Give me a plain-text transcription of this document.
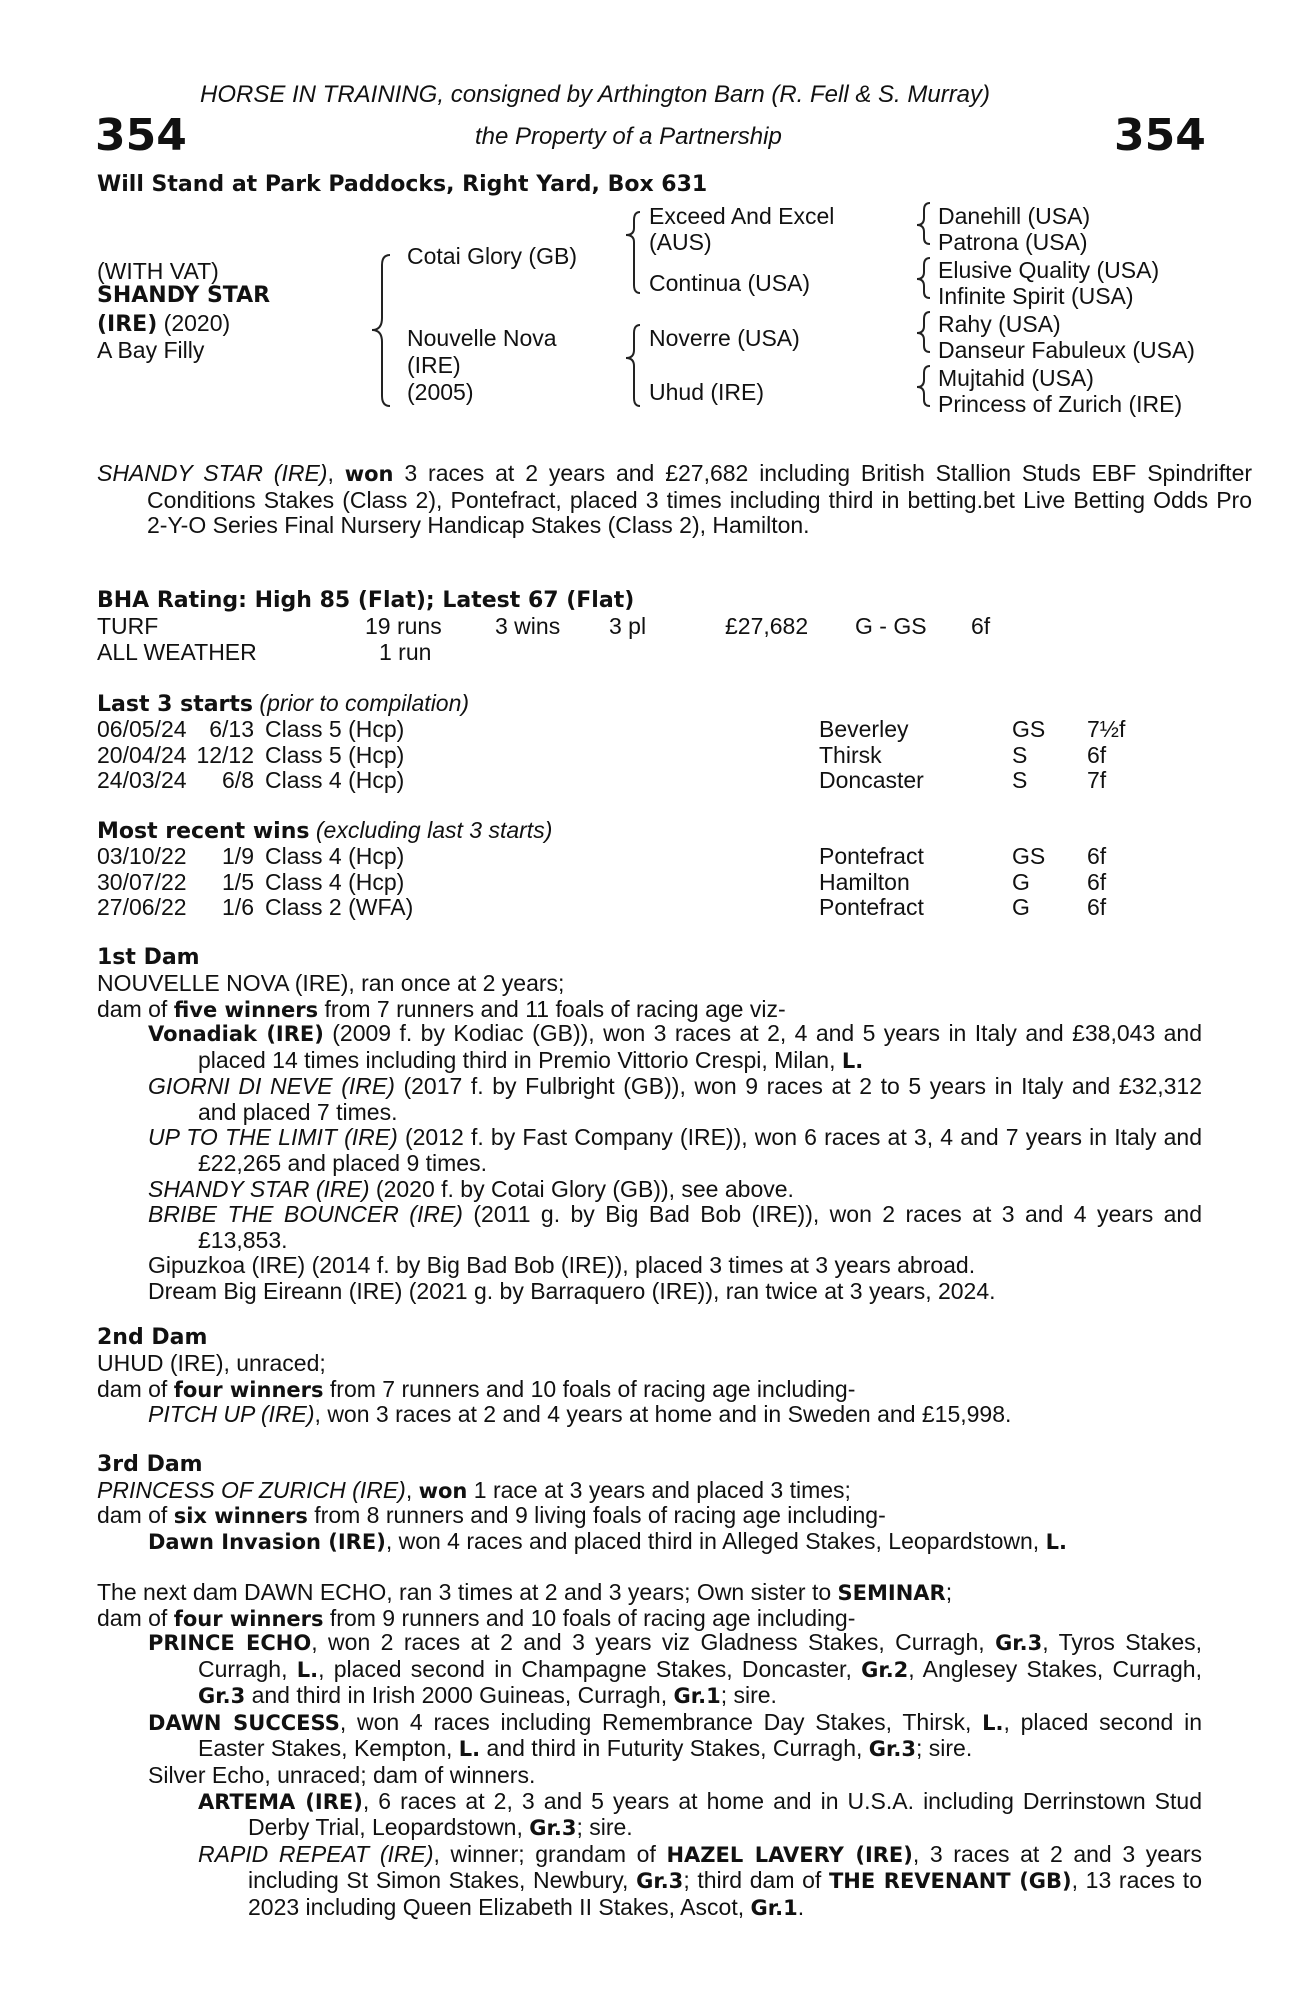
HORSE IN TRAINING, consigned by Arthington Barn (R. Fell & S. Murray)
354	the Property of a Partnership	354
Will Stand at Park Paddocks, Right Yard, Box 631
(WITH VAT)
SHANDY STAR
(IRE) (2020)
A Bay Filly
Cotai Glory (GB)
Nouvelle Nova
(IRE)
(2005)
Exceed And Excel
(AUS)
Continua (USA)
Noverre (USA)
Uhud (IRE)
Danehill (USA)
Patrona (USA)
Elusive Quality (USA)
Infinite Spirit (USA)
Rahy (USA)
Danseur Fabuleux (USA)
Mujtahid (USA)
Princess of Zurich (IRE)
SHANDY STAR (IRE), won 3 races at 2 years and £27,682 including British Stallion Studs EBF Spindrifter Conditions Stakes (Class 2), Pontefract, placed 3 times including third in betting.bet Live Betting Odds Pro 2-Y-O Series Final Nursery Handicap Stakes (Class 2), Hamilton.
BHA Rating: High 85 (Flat); Latest 67 (Flat)
TURF	19 runs 3 wins 3 pl	£27,682 G - GS 6f
ALL WEATHER	1 run
Last 3 starts (prior to compilation)
06/05/24 6/13 Class 5 (Hcp)	Beverley	GS 7½f
20/04/24 12/12 Class 5 (Hcp)	Thirsk	S	6f
24/03/24	6/8 Class 4 (Hcp)	Doncaster	S	7f
Most recent wins (excluding last 3 starts)
03/10/22	1/9 Class 4 (Hcp)	Pontefract	GS 6f
30/07/22	1/5 Class 4 (Hcp)	Hamilton	G 6f
27/06/22	1/6 Class 2 (WFA)	Pontefract	G 6f
1st Dam
NOUVELLE NOVA (IRE), ran once at 2 years;
dam of five winners from 7 runners and 11 foals of racing age viz-
Vonadiak (IRE) (2009 f. by Kodiac (GB)), won 3 races at 2, 4 and 5 years in Italy and £38,043 and placed 14 times including third in Premio Vittorio Crespi, Milan, L.
GIORNI DI NEVE (IRE) (2017 f. by Fulbright (GB)), won 9 races at 2 to 5 years in Italy and £32,312 and placed 7 times.
UP TO THE LIMIT (IRE) (2012 f. by Fast Company (IRE)), won 6 races at 3, 4 and 7 years in Italy and £22,265 and placed 9 times.
SHANDY STAR (IRE) (2020 f. by Cotai Glory (GB)), see above.
BRIBE THE BOUNCER (IRE) (2011 g. by Big Bad Bob (IRE)), won 2 races at 3 and 4 years and £13,853.
Gipuzkoa (IRE) (2014 f. by Big Bad Bob (IRE)), placed 3 times at 3 years abroad.
Dream Big Eireann (IRE) (2021 g. by Barraquero (IRE)), ran twice at 3 years, 2024.
2nd Dam
UHUD (IRE), unraced;
dam of four winners from 7 runners and 10 foals of racing age including-
PITCH UP (IRE), won 3 races at 2 and 4 years at home and in Sweden and £15,998.
3rd Dam
PRINCESS OF ZURICH (IRE), won 1 race at 3 years and placed 3 times;
dam of six winners from 8 runners and 9 living foals of racing age including-
Dawn Invasion (IRE), won 4 races and placed third in Alleged Stakes, Leopardstown, L.
The next dam DAWN ECHO, ran 3 times at 2 and 3 years; Own sister to SEMINAR;
dam of four winners from 9 runners and 10 foals of racing age including-
PRINCE ECHO, won 2 races at 2 and 3 years viz Gladness Stakes, Curragh, Gr.3, Tyros Stakes, Curragh, L., placed second in Champagne Stakes, Doncaster, Gr.2, Anglesey Stakes, Curragh, Gr.3 and third in Irish 2000 Guineas, Curragh, Gr.1; sire.
DAWN SUCCESS, won 4 races including Remembrance Day Stakes, Thirsk, L., placed second in Easter Stakes, Kempton, L. and third in Futurity Stakes, Curragh, Gr.3; sire.
Silver Echo, unraced; dam of winners.
ARTEMA (IRE), 6 races at 2, 3 and 5 years at home and in U.S.A. including Derrinstown Stud Derby Trial, Leopardstown, Gr.3; sire.
RAPID REPEAT (IRE), winner; grandam of HAZEL LAVERY (IRE), 3 races at 2 and 3 years including St Simon Stakes, Newbury, Gr.3; third dam of THE REVENANT (GB), 13 races to 2023 including Queen Elizabeth II Stakes, Ascot, Gr.1.
